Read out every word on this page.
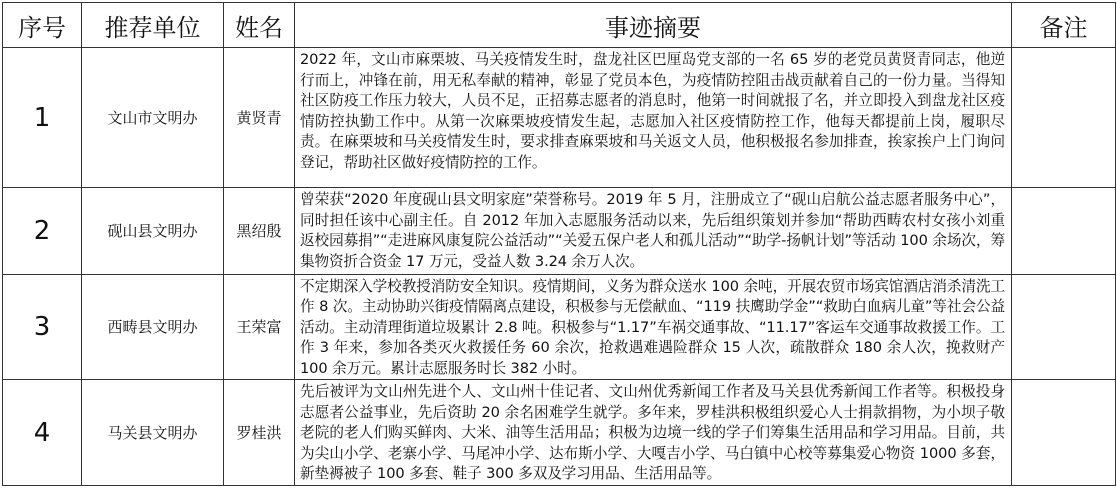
序号	推荐单位	姓名	事迹摘要	备注
1	文山市文明办	黄贤青	2022 年，文山市麻栗坡、马关疫情发生时，盘龙社区巴厘岛党支部的一名 65 岁的老党员黄贤青同志，他逆行而上，冲锋在前，用无私奉献的精神，彰显了党员本色，为疫情防控阻击战贡献着自己的一份力量。当得知社区防疫工作压力较大，人员不足，正招募志愿者的消息时，他第一时间就报了名，并立即投入到盘龙社区疫情防控执勤工作中。从第一次麻栗坡疫情发生起，志愿加入社区疫情防控工作，他每天都提前上岗，履职尽责。在麻栗坡和马关疫情发生时，要求排查麻栗坡和马关返文人员，他积极报名参加排查，挨家挨户上门询问登记，帮助社区做好疫情防控的工作。	
2	砚山县文明办	黑绍殷	曾荣获“2020 年度砚山县文明家庭”荣誉称号。2019 年 5 月，注册成立了“砚山启航公益志愿者服务中心”，同时担任该中心副主任。自 2012 年加入志愿服务活动以来，先后组织策划并参加“帮助西畴农村女孩小刘重返校园募捐”“走进麻风康复院公益活动”“关爱五保户老人和孤儿活动”“助学-扬帆计划”等活动 100 余场次，筹集物资折合资金 17 万元，受益人数 3.24 余万人次。	
3	西畴县文明办	王荣富	不定期深入学校教授消防安全知识。疫情期间，义务为群众送水 100 余吨，开展农贸市场宾馆酒店消杀清洗工作 8 次。主动协助兴街疫情隔离点建设，积极参与无偿献血、“119 扶鹰助学金”“救助白血病儿童”等社会公益活动。主动清理街道垃圾累计 2.8 吨。积极参与“1.17”车祸交通事故、“11.17”客运车交通事故救援工作。工作 3 年来，参加各类灭火救援任务 60 余次，抢救遇难遇险群众 15 人次，疏散群众 180 余人次，挽救财产 100 余万元。累计志愿服务时长 382 小时。	
4	马关县文明办	罗桂洪	先后被评为文山州先进个人、文山州十佳记者、文山州优秀新闻工作者及马关县优秀新闻工作者等。积极投身志愿者公益事业，先后资助 20 余名困难学生就学。多年来，罗桂洪积极组织爱心人士捐款捐物，为小坝子敬老院的老人们购买鲜肉、大米、油等生活用品；积极为边境一线的学子们筹集生活用品和学习用品。目前，共为尖山小学、老寨小学、马尾冲小学、达布斯小学、大嘎吉小学、马白镇中心校等募集爱心物资 1000 多套，新垫褥被子 100 多套、鞋子 300 多双及学习用品、生活用品等。	
